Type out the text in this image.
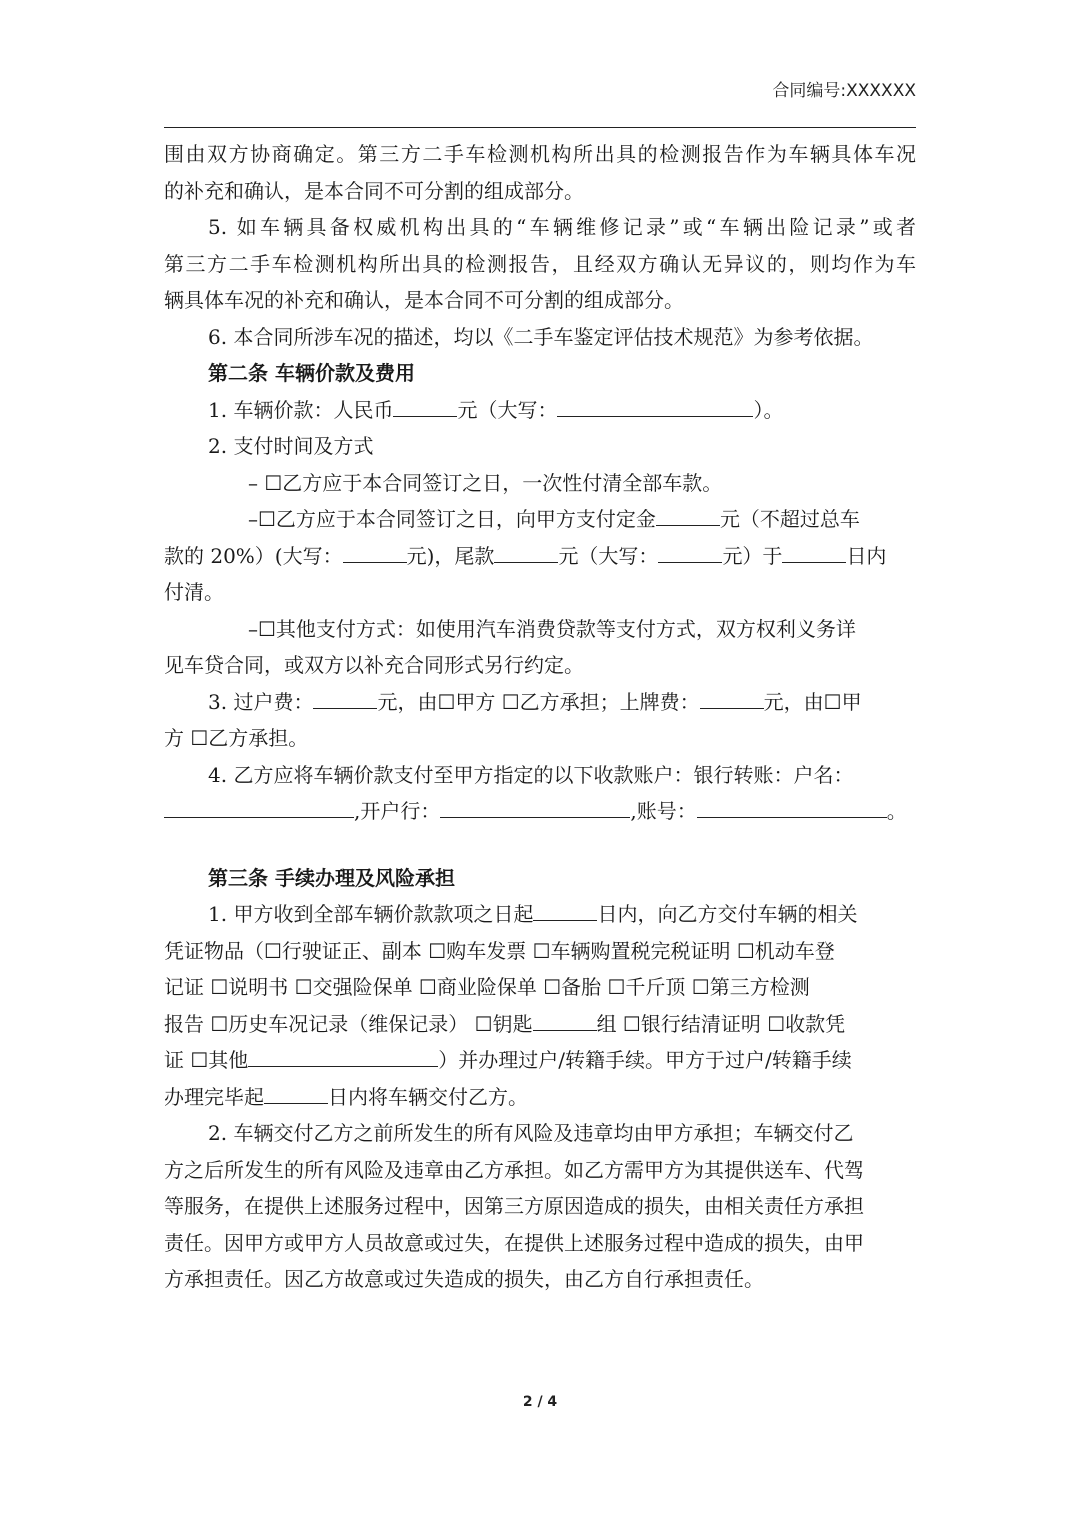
合同编号:XXXXXX
围由双方协商确定。第三方二手车检测机构所出具的检测报告作为车辆具体车况
的补充和确认，是本合同不可分割的组成部分。
5. 如车辆具备权威机构出具的“车辆维修记录”或“车辆出险记录”或者
第三方二手车检测机构所出具的检测报告，且经双方确认无异议的，则均作为车
辆具体车况的补充和确认，是本合同不可分割的组成部分。
6. 本合同所涉车况的描述，均以《二手车鉴定评估技术规范》为参考依据。
第二条 车辆价款及费用
1. 车辆价款：人民币	元（大写：	）。
2. 支付时间及方式
– ☐乙方应于本合同签订之日，一次性付清全部车款。
–☐乙方应于本合同签订之日，向甲方支付定金	元（不超过总车
款的 20%）(大写：	元)，尾款	元（大写：	元）于	日内
付清。
–☐其他支付方式：如使用汽车消费贷款等支付方式，双方权利义务详
见车贷合同，或双方以补充合同形式另行约定。
3. 过户费：	元，由☐甲方 ☐乙方承担；上牌费：	元，由☐甲
方 ☐乙方承担。
4. 乙方应将车辆价款支付至甲方指定的以下收款账户：银行转账：户名：
,开户行：	,账号：	。
第三条 手续办理及风险承担
1. 甲方收到全部车辆价款款项之日起	日内，向乙方交付车辆的相关
凭证物品（☐行驶证正、副本 ☐购车发票 ☐车辆购置税完税证明 ☐机动车登
记证 ☐说明书 ☐交强险保单 ☐商业险保单 ☐备胎 ☐千斤顶 ☐第三方检测
报告 ☐历史车况记录（维保记录） ☐钥匙	组 ☐银行结清证明 ☐收款凭
证 ☐其他	）并办理过户/转籍手续。甲方于过户/转籍手续
办理完毕起	日内将车辆交付乙方。
2. 车辆交付乙方之前所发生的所有风险及违章均由甲方承担；车辆交付乙
方之后所发生的所有风险及违章由乙方承担。如乙方需甲方为其提供送车、代驾
等服务，在提供上述服务过程中，因第三方原因造成的损失，由相关责任方承担
责任。因甲方或甲方人员故意或过失，在提供上述服务过程中造成的损失，由甲
方承担责任。因乙方故意或过失造成的损失，由乙方自行承担责任。
2 / 4
